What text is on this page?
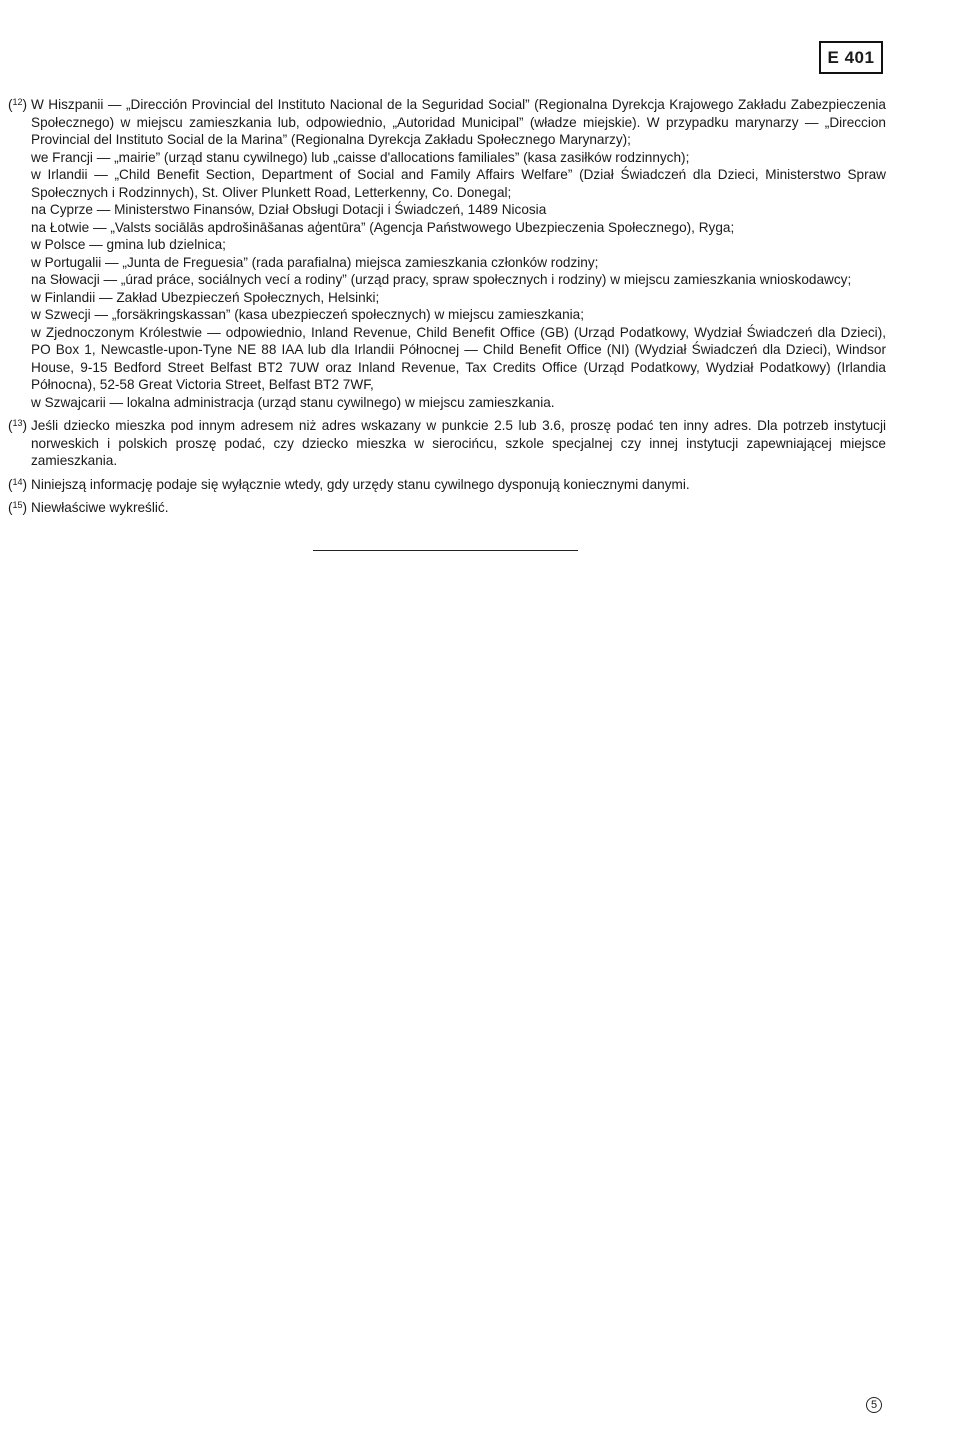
E 401
($^{12}$) W Hiszpanii — „Dirección Provincial del Instituto Nacional de la Seguridad Social” (Regionalna Dyrekcja Krajowego Zakładu Zabezpieczenia Społecznego) w miejscu zamieszkania lub, odpowiednio, „Autoridad Municipal” (władze miejskie). W przypadku marynarzy — „Direccion Provincial del Instituto Social de la Marina” (Regionalna Dyrekcja Zakładu Społecznego Marynarzy);
we Francji — „mairie” (urząd stanu cywilnego) lub „caisse d'allocations familiales” (kasa zasiłków rodzinnych);
w Irlandii — „Child Benefit Section, Department of Social and Family Affairs Welfare” (Dział Świadczeń dla Dzieci, Ministerstwo Spraw Społecznych i Rodzinnych), St. Oliver Plunkett Road, Letterkenny, Co. Donegal;
na Cyprze — Ministerstwo Finansów, Dział Obsługi Dotacji i Świadczeń, 1489 Nicosia
na Łotwie — „Valsts sociālās apdrošināšanas aģentūra” (Agencja Państwowego Ubezpieczenia Społecznego), Ryga;
w Polsce — gmina lub dzielnica;
w Portugalii — „Junta de Freguesia” (rada parafialna) miejsca zamieszkania członków rodziny;
na Słowacji — „úrad práce, sociálnych vecí a rodiny” (urząd pracy, spraw społecznych i rodziny) w miejscu zamieszkania wnioskodawcy;
w Finlandii — Zakład Ubezpieczeń Społecznych, Helsinki;
w Szwecji — „forsäkringskassan” (kasa ubezpieczeń społecznych) w miejscu zamieszkania;
w Zjednoczonym Królestwie — odpowiednio, Inland Revenue, Child Benefit Office (GB) (Urząd Podatkowy, Wydział Świadczeń dla Dzieci), PO Box 1, Newcastle-upon-Tyne NE 88 IAA lub dla Irlandii Północnej — Child Benefit Office (NI) (Wydział Świadczeń dla Dzieci), Windsor House, 9-15 Bedford Street Belfast BT2 7UW oraz Inland Revenue, Tax Credits Office (Urząd Podatkowy, Wydział Podatkowy) (Irlandia Północna), 52-58 Great Victoria Street, Belfast BT2 7WF,
w Szwajcarii — lokalna administracja (urząd stanu cywilnego) w miejscu zamieszkania.
($^{13}$) Jeśli dziecko mieszka pod innym adresem niż adres wskazany w punkcie 2.5 lub 3.6, proszę podać ten inny adres. Dla potrzeb instytucji norweskich i polskich proszę podać, czy dziecko mieszka w sierocińcu, szkole specjalnej czy innej instytucji zapewniającej miejsce zamieszkania.
($^{14}$) Niniejszą informację podaje się wyłącznie wtedy, gdy urzędy stanu cywilnego dysponują koniecznymi danymi.
($^{15}$) Niewłaściwe wykreślić.
5
